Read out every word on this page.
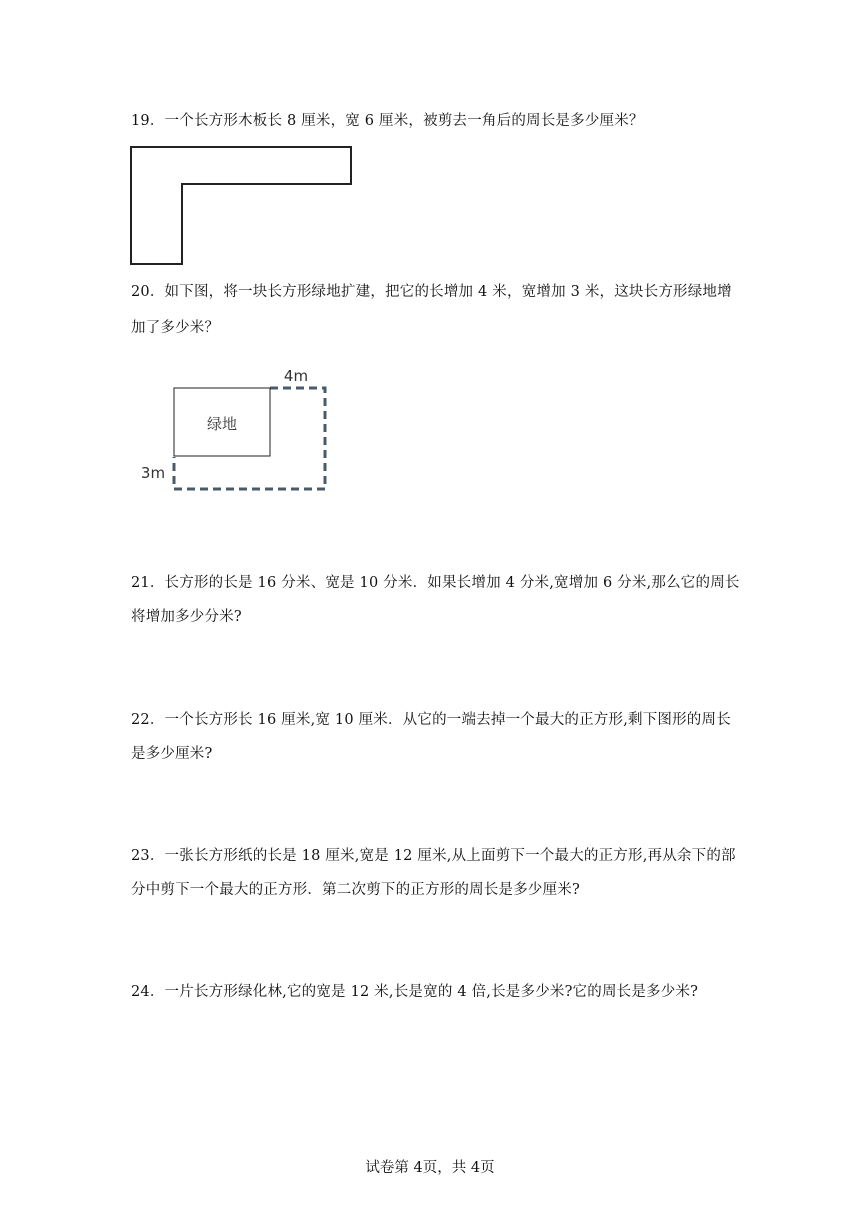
19．一个长方形木板长 8 厘米，宽 6 厘米，被剪去一角后的周长是多少厘米？
20．如下图，将一块长方形绿地扩建，把它的长增加 4 米，宽增加 3 米，这块长方形绿地增
加了多少米？
绿地
4m
3m
21．长方形的长是 16 分米、宽是 10 分米．如果长增加 4 分米,宽增加 6 分米,那么它的周长
将增加多少分米?
22．一个长方形长 16 厘米,宽 10 厘米．从它的一端去掉一个最大的正方形,剩下图形的周长
是多少厘米?
23．一张长方形纸的长是 18 厘米,宽是 12 厘米,从上面剪下一个最大的正方形,再从余下的部
分中剪下一个最大的正方形．第二次剪下的正方形的周长是多少厘米?
24．一片长方形绿化林,它的宽是 12 米,长是宽的 4 倍,长是多少米?它的周长是多少米?
试卷第 4页，共 4页
